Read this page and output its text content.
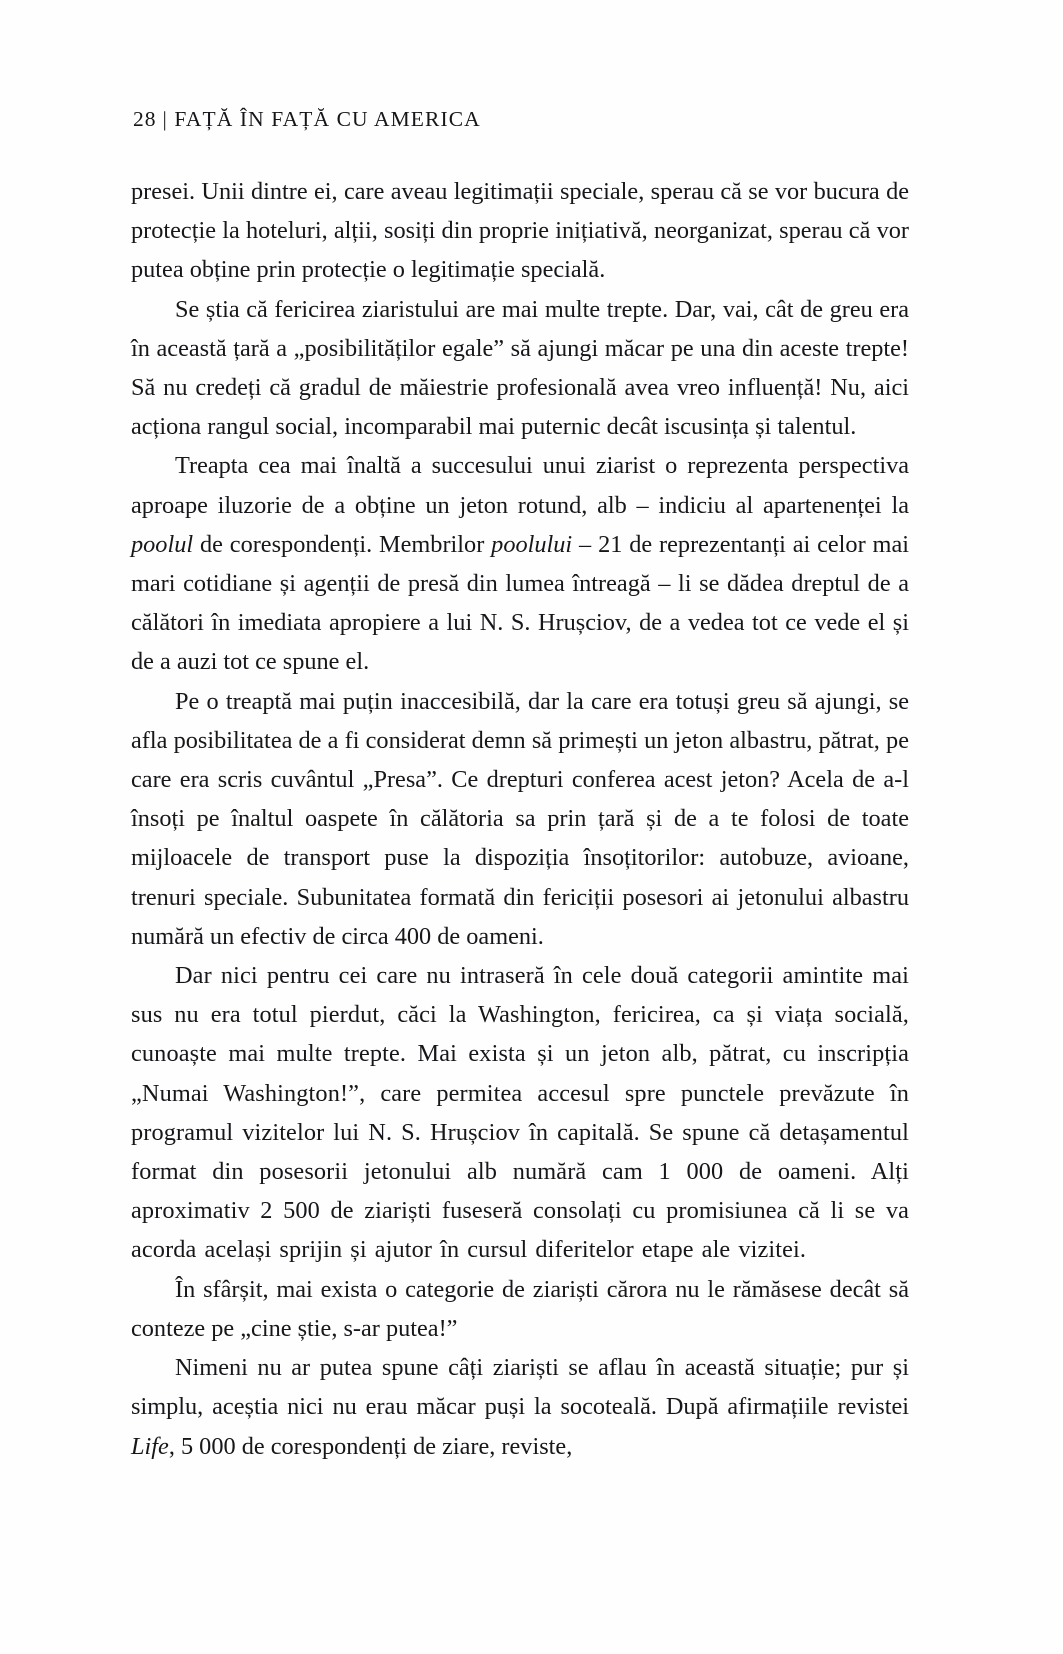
28 | FAȚĂ ÎN FAȚĂ CU AMERICA

presei. Unii dintre ei, care aveau legitimații speciale, sperau că se vor bucura de protecție la hoteluri, alții, sosiți din proprie inițiativă, neorganizat, sperau că vor putea obține prin protecție o legitimație specială.

Se știa că fericirea ziaristului are mai multe trepte. Dar, vai, cât de greu era în această țară a „posibilităților egale” să ajungi măcar pe una din aceste trepte! Să nu credeți că gradul de măiestrie profesională avea vreo influență! Nu, aici acționa rangul social, incomparabil mai puternic decât iscusința și talentul.

Treapta cea mai înaltă a succesului unui ziarist o reprezenta perspectiva aproape iluzorie de a obține un jeton rotund, alb – indiciu al apartenenței la poolul de corespondenți. Membrilor poolului – 21 de reprezentanți ai celor mai mari cotidiane și agenții de presă din lumea întreagă – li se dădea dreptul de a călători în imediata apropiere a lui N. S. Hrușciov, de a vedea tot ce vede el și de a auzi tot ce spune el.

Pe o treaptă mai puțin inaccesibilă, dar la care era totuși greu să ajungi, se afla posibilitatea de a fi considerat demn să primești un jeton albastru, pătrat, pe care era scris cuvântul „Presa”. Ce drepturi conferea acest jeton? Acela de a-l însoți pe înaltul oaspete în călătoria sa prin țară și de a te folosi de toate mijloacele de transport puse la dispoziția însoțitorilor: autobuze, avioane, trenuri speciale. Subunitatea formată din fericiții posesori ai jetonului albastru numără un efectiv de circa 400 de oameni.

Dar nici pentru cei care nu intraseră în cele două categorii amintite mai sus nu era totul pierdut, căci la Washington, fericirea, ca și viața socială, cunoaște mai multe trepte. Mai exista și un jeton alb, pătrat, cu inscripția „Numai Washington!”, care permitea accesul spre punctele prevăzute în programul vizitelor lui N. S. Hrușciov în capitală. Se spune că detașamentul format din posesorii jetonului alb numără cam 1 000 de oameni. Alți aproximativ 2 500 de ziariști fuseseră consolați cu promisiunea că li se va acorda același sprijin și ajutor în cursul diferitelor etape ale vizitei.

În sfârșit, mai exista o categorie de ziariști cărora nu le rămăsese decât să conteze pe „cine știe, s-ar putea!”

Nimeni nu ar putea spune câți ziariști se aflau în această situație; pur și simplu, aceștia nici nu erau măcar puși la socoteală. După afirmațiile revistei Life, 5 000 de corespondenți de ziare, reviste,
